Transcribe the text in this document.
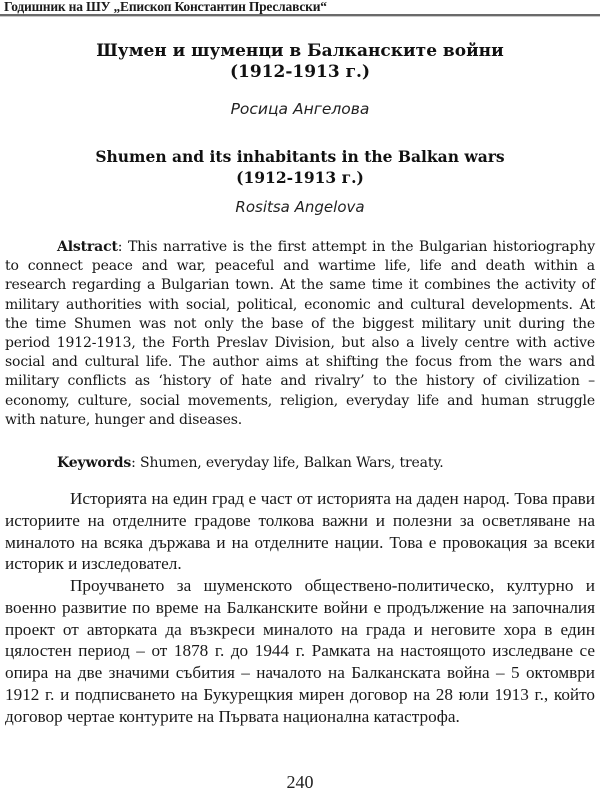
Годишник на ШУ „Епископ Константин Преславски“
Шумен и шуменци в Балканските войни
(1912-1913 г.)
Росица Ангелова
Shumen and its inhabitants in the Balkan wars
(1912-1913 г.)
Rositsa Angelova
Alstract: This narrative is the first attempt in the Bulgarian historiography to connect peace and war, peaceful and wartime life, life and death within a research regarding a Bulgarian town. At the same time it combines the activity of military authorities with social, political, economic and cultural developments. At the time Shumen was not only the base of the biggest military unit during the period 1912-1913, the Forth Preslav Division, but also a lively centre with active social and cultural life. The author aims at shifting the focus from the wars and military conflicts as ‘history of hate and rivalry’ to the history of civilization – economy, culture, social movements, religion, everyday life and human struggle with nature, hunger and diseases.
Keywords: Shumen, everyday life, Balkan Wars, treaty.
Историята на един град е част от историята на даден народ. Това прави историите на отделните градове толкова важни и полезни за осветляване на миналото на всяка държава и на отделните нации. Това е провокация за всеки историк и изследовател.
Проучването за шуменското обществено-политическо, културно и военно развитие по време на Балканските войни е продължение на започналия проект от авторката да възкреси миналото на града и неговите хора в един цялостен период – от 1878 г. до 1944 г. Рамката на настоящото изследване се опира на две значими събития – началото на Балканската война – 5 октомври 1912 г. и подписването на Букурещкия мирен договор на 28 юли 1913 г., който договор чертае контурите на Първата национална катастрофа.
240
